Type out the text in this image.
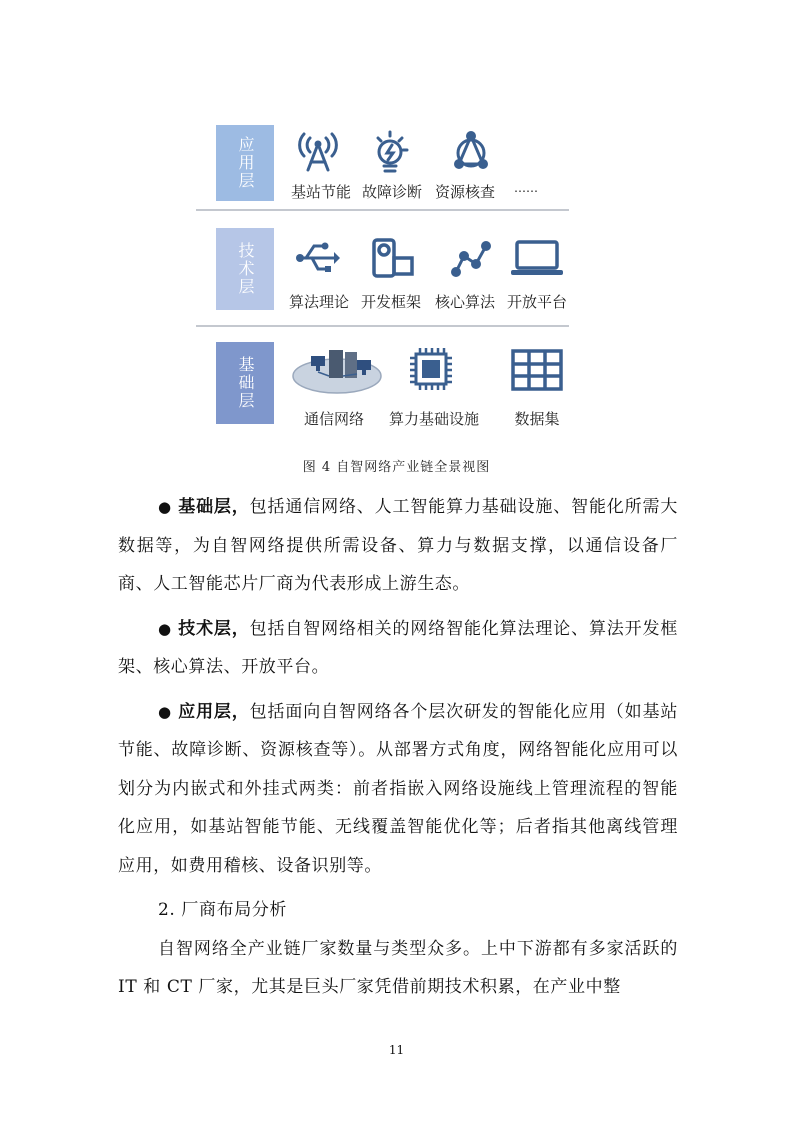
应用层
基站节能 故障诊断 资源核查	……
技术层
算法理论 开发框架 核心算法 开放平台
基础层
通信网络	算力基础设施	数据集
图 4 自智网络产业链全景视图

● 基础层，包括通信网络、人工智能算力基础设施、智能化所需大数据等，为自智网络提供所需设备、算力与数据支撑，以通信设备厂商、人工智能芯片厂商为代表形成上游生态。

● 技术层，包括自智网络相关的网络智能化算法理论、算法开发框架、核心算法、开放平台。

● 应用层，包括面向自智网络各个层次研发的智能化应用（如基站节能、故障诊断、资源核查等）。从部署方式角度，网络智能化应用可以划分为内嵌式和外挂式两类：前者指嵌入网络设施线上管理流程的智能化应用，如基站智能节能、无线覆盖智能优化等；后者指其他离线管理应用，如费用稽核、设备识别等。

2. 厂商布局分析

自智网络全产业链厂家数量与类型众多。上中下游都有多家活跃的 IT 和 CT 厂家，尤其是巨头厂家凭借前期技术积累，在产业中整

11
